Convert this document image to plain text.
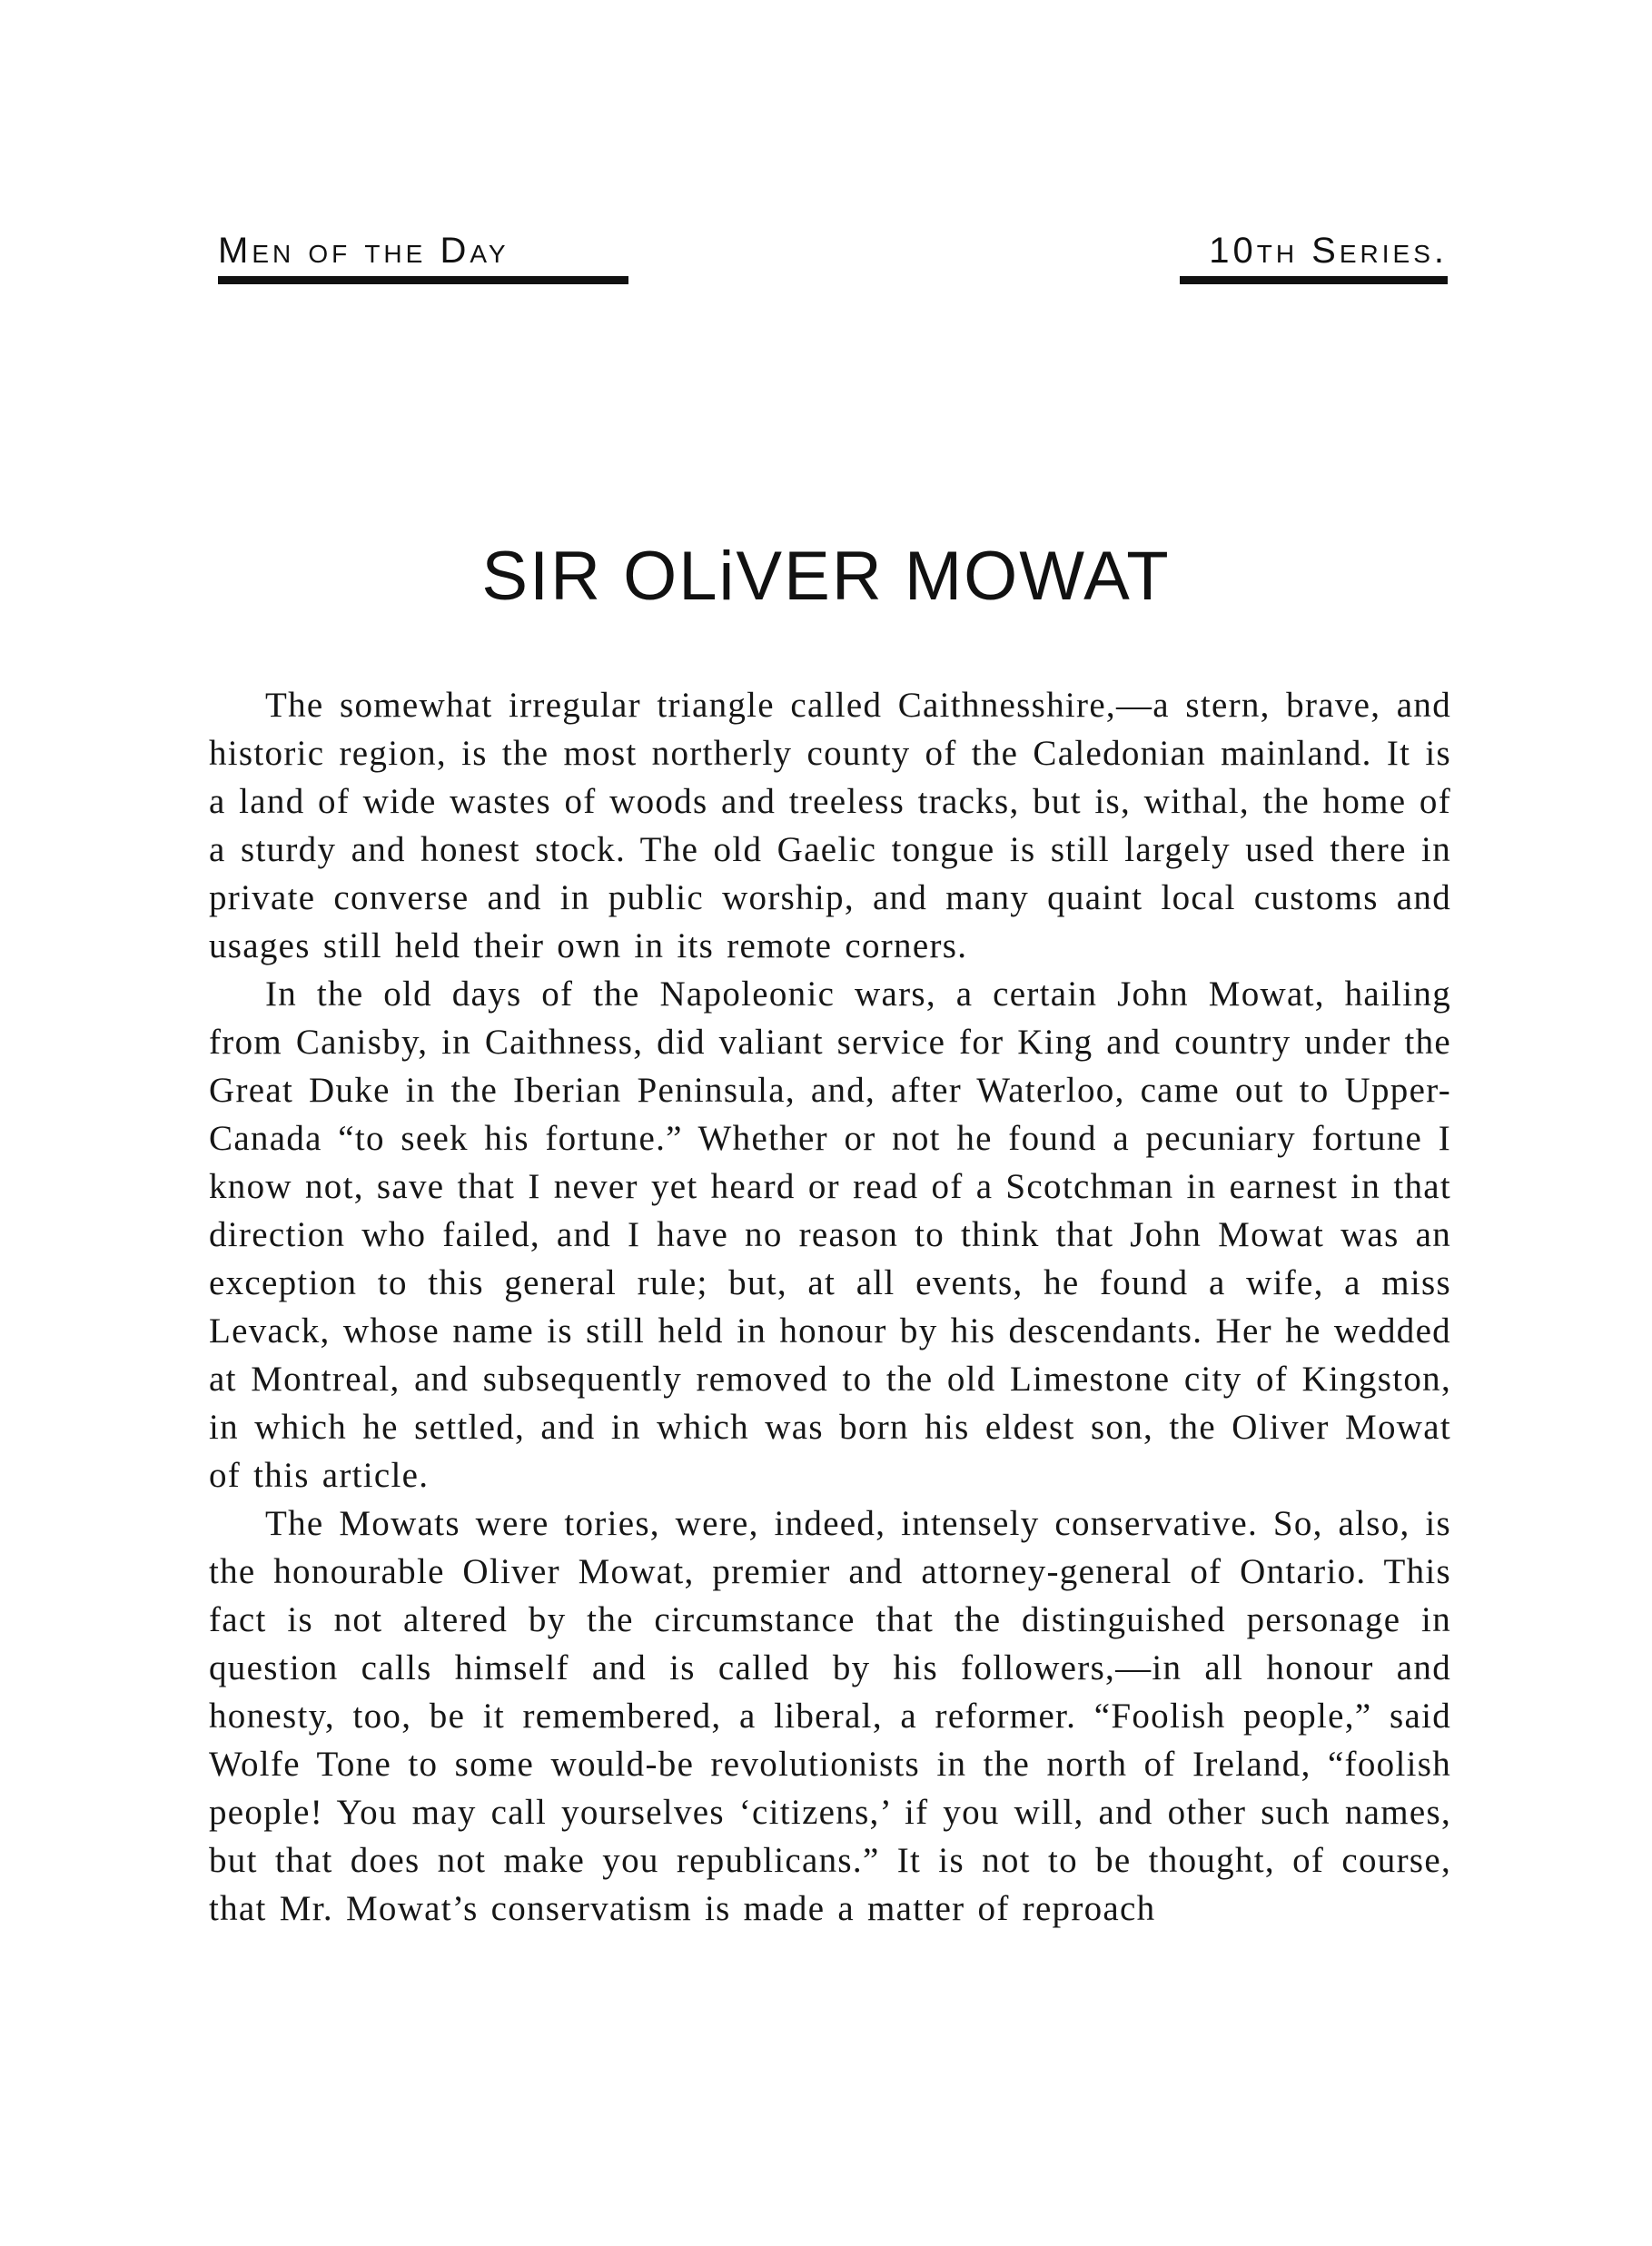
Men of the Day	10th Series.
SIR OLiVER MOWAT

The somewhat irregular triangle called Caithnesshire,—a stern, brave, and historic region, is the most northerly county of the Caledonian mainland. It is a land of wide wastes of woods and treeless tracks, but is, withal, the home of a sturdy and honest stock. The old Gaelic tongue is still largely used there in private converse and in public worship, and many quaint local customs and usages still held their own in its remote corners.

In the old days of the Napoleonic wars, a certain John Mowat, hailing from Canisby, in Caithness, did valiant service for King and country under the Great Duke in the Iberian Peninsula, and, after Waterloo, came out to Upper-Canada “to seek his fortune.” Whether or not he found a pecuniary fortune I know not, save that I never yet heard or read of a Scotchman in earnest in that direction who failed, and I have no reason to think that John Mowat was an exception to this general rule; but, at all events, he found a wife, a miss Levack, whose name is still held in honour by his descendants. Her he wedded at Montreal, and subsequently removed to the old Limestone city of Kingston, in which he settled, and in which was born his eldest son, the Oliver Mowat of this article.

The Mowats were tories, were, indeed, intensely conservative. So, also, is the honourable Oliver Mowat, premier and attorney-general of Ontario. This fact is not altered by the circumstance that the distinguished personage in question calls himself and is called by his followers,—in all honour and honesty, too, be it remembered, a liberal, a reformer. “Foolish people,” said Wolfe Tone to some would-be revolutionists in the north of Ireland, “foolish people! You may call yourselves ‘citizens,’ if you will, and other such names, but that does not make you republicans.” It is not to be thought, of course, that Mr. Mowat’s conservatism is made a matter of reproach
